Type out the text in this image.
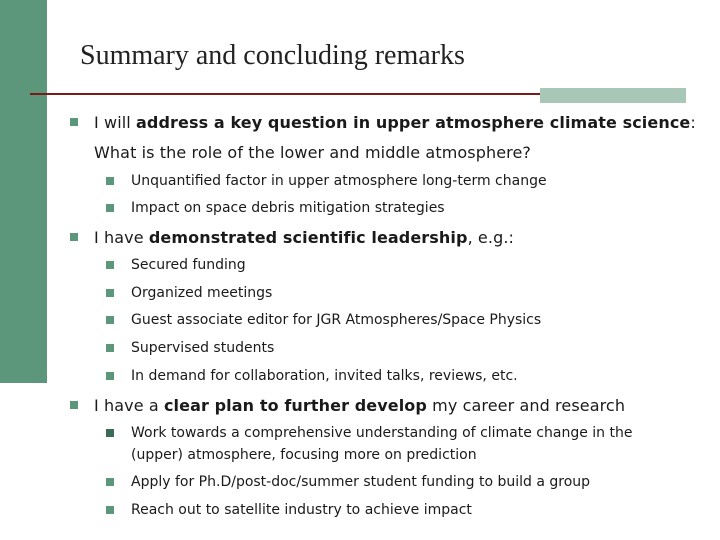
Summary and concluding remarks
I will address a key question in upper atmosphere climate science:
What is the role of the lower and middle atmosphere?
Unquantified factor in upper atmosphere long-term change
Impact on space debris mitigation strategies
I have demonstrated scientific leadership, e.g.:
Secured funding
Organized meetings
Guest associate editor for JGR Atmospheres/Space Physics
Supervised students
In demand for collaboration, invited talks, reviews, etc.
I have a clear plan to further develop my career and research
Work towards a comprehensive understanding of climate change in the
(upper) atmosphere, focusing more on prediction
Apply for Ph.D/post-doc/summer student funding to build a group
Reach out to satellite industry to achieve impact
